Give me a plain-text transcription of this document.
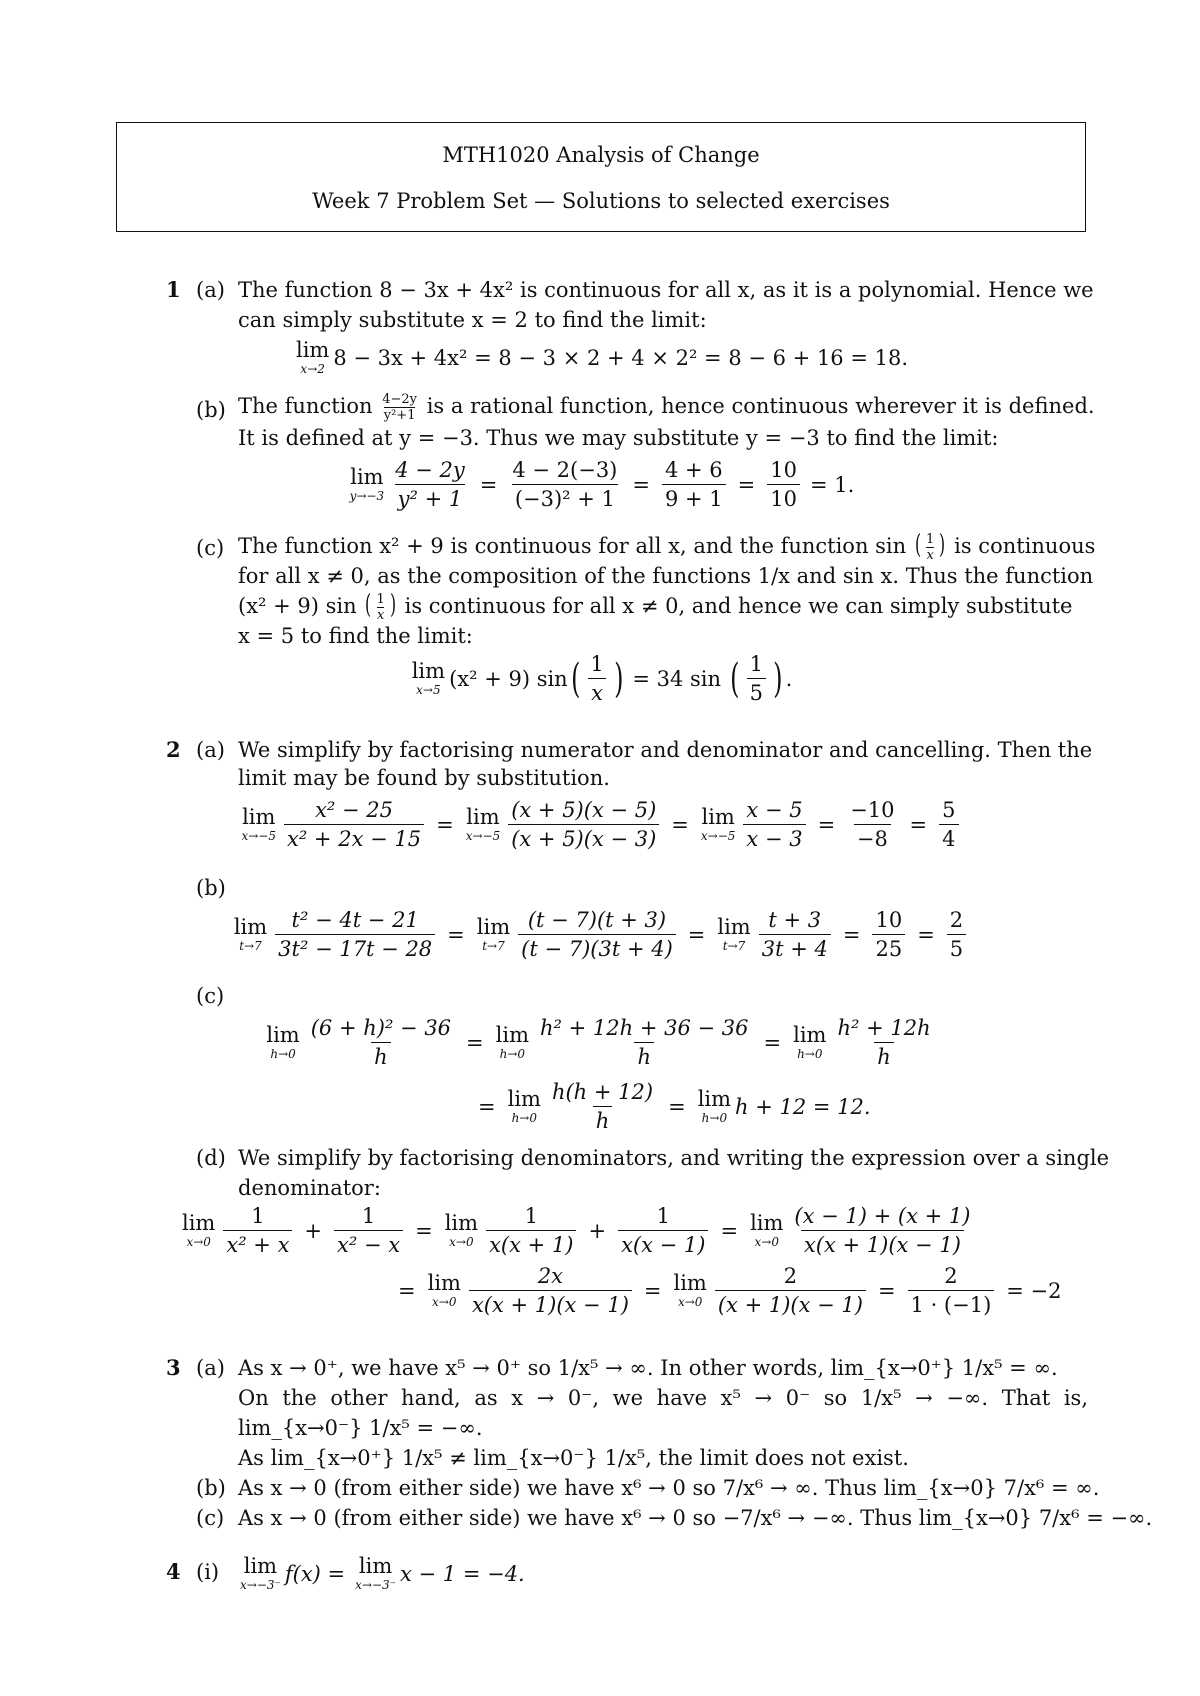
MTH1020 Analysis of Change
Week 7 Problem Set — Solutions to selected exercises
1 (a) The function 8 − 3x + 4x² is continuous for all x, as it is a polynomial. Hence we
can simply substitute x = 2 to find the limit:
lim
x→2 8 − 3x + 4x² = 8 − 3 × 2 + 4 × 2² = 8 − 6 + 16 = 18.
(b) The function $\frac{4-2y}{\text{y²+1}}$ is a rational function, hence continuous wherever it is defined.
It is defined at y = −3. Thus we may substitute y = −3 to find the limit:
lim
$y\to-3 \frac{4 - 2y}{\text{y² + 1}} = \frac{4 - 2(-3)}{\text{(−3)² + 1}} = \frac{4 + 6}{9 + 1} = \frac{10}{10} = 1$.
(c) The function x² + 9 is continuous for all x, and the function sin ( $\frac{1}{x}$ ) is continuous
for all x ≠ 0, as the composition of the functions 1/x and sin x. Thus the function
(x² + 9) sin ( $\frac{1}{x}$ ) is continuous for all x ≠ 0, and hence we can simply substitute
x = 5 to find the limit:
lim
x→5 (x² + 9) sin ( $\frac{1}{x}$ ) = 34 sin ( $\frac{1}{5}$ ) .
2 (a) We simplify by factorising numerator and denominator and cancelling. Then the
limit may be found by substitution.
lim
$x\to-5 \frac{\text{x² − 25}}{\text{x² + 2x − 15}} = \lim$
$x\to-5 \frac{(x + 5)(x - 5)}{(x + 5)(x - 3)} = \lim$
$x\to-5 \frac{x - 5}{x - 3} = \frac{-10}{-8} = \frac{5}{4}$
(b)
lim
$t\to 7 \frac{\text{t² − 4t − 21}}{\text{3t² − 17t − 28}} = \lim$
$t\to 7 \frac{(t - 7)(t + 3)}{(t - 7)(3t + 4)} = \lim$
$t\to 7 \frac{t + 3}{3t + 4} = \frac{10}{25} = \frac{2}{5}$
(c)
lim
$h\to 0 \frac{\text{(6 + h)² − 36}}{h} = \lim$
$h\to 0 \frac{\text{h² + 12h + 36 − 36}}{h} = \lim$
$h\to 0 \frac{\text{h² + 12h}}{h}$
= lim
$h\to 0 \frac{h(h + 12)}{h} = \lim$
h→0 h + 12 = 12.
(d) We simplify by factorising denominators, and writing the expression over a single
denominator:
lim
$x\to 0 \frac{1}{\text{x² + x}} + \frac{1}{\text{x² − x}} = \lim$
$x\to 0 \frac{1}{x(x + 1)} + \frac{1}{x(x - 1)} = \lim$
$x\to 0 \frac{(x - 1) + (x + 1)}{x(x + 1)(x - 1)}$
= lim
$x\to 0 \frac{2x}{x(x + 1)(x - 1)} = \lim$
$x\to 0 \frac{2}{(x + 1)(x - 1)} = \frac{2}{1 \cdot (-1)} = -2$
3 (a) As x → 0⁺, we have x⁵ → 0⁺ so 1/x⁵ → ∞. In other words, lim_{x→0⁺} 1/x⁵ = ∞.
On the other hand, as x → 0⁻, we have x⁵ → 0⁻ so 1/x⁵ → −∞. That is,
lim_{x→0⁻} 1/x⁵ = −∞.
As lim_{x→0⁺} 1/x⁵ ≠ lim_{x→0⁻} 1/x⁵, the limit does not exist.
(b) As x → 0 (from either side) we have x⁶ → 0 so 7/x⁶ → ∞. Thus lim_{x→0} 7/x⁶ = ∞.
(c) As x → 0 (from either side) we have x⁶ → 0 so −7/x⁶ → −∞. Thus lim_{x→0} 7/x⁶ = −∞.
4 (i) lim
x→−3⁻ f(x) = lim
x→−3⁻ x − 1 = −4.
